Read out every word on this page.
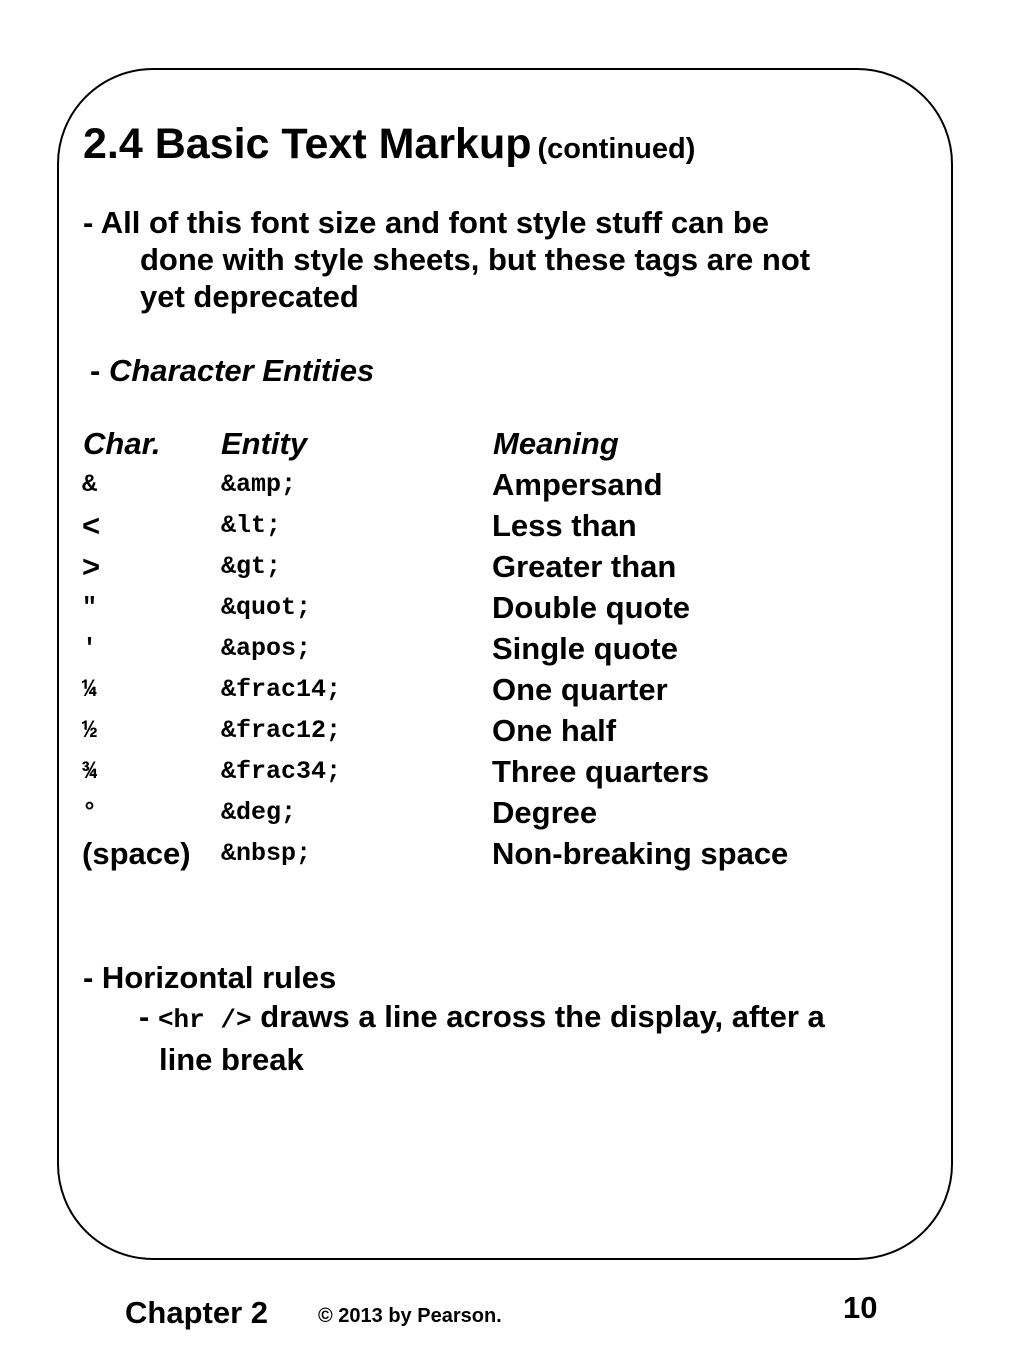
2.4 Basic Text Markup (continued)
- All of this font size and font style stuff can be
done with style sheets, but these tags are not
yet deprecated
- Character Entities
Char. Entity	Meaning
&	&amp;	Ampersand
<	&lt;	Less than
>	&gt;	Greater than
"	&quot;	Double quote
'	&apos;	Single quote
¼	&frac14;	One quarter
½	&frac12;	One half
¾	&frac34;	Three quarters
°	&deg;	Degree
(space) &nbsp;	Non-breaking space
- Horizontal rules
- <hr /> draws a line across the display, after a
line break
Chapter 2	© 2013 by Pearson.	10
